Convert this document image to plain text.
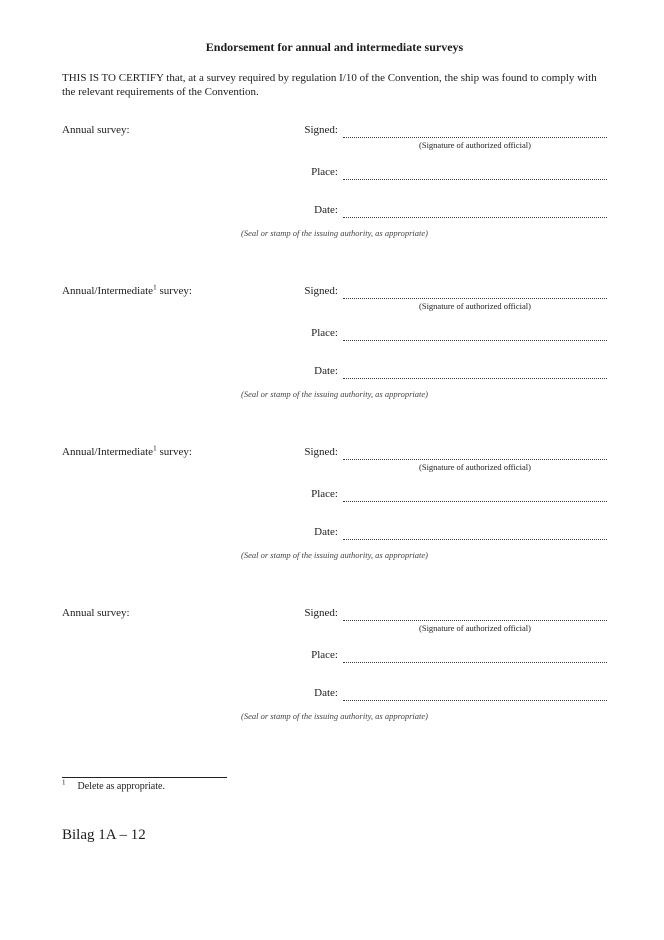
Endorsement for annual and intermediate surveys

THIS IS TO CERTIFY that, at a survey required by regulation I/10 of the Convention, the ship was found to comply with the relevant requirements of the Convention.

Annual survey:	Signed:
(Signature of authorized official)
Place:
Date:
(Seal or stamp of the issuing authority, as appropriate)
Annual/Intermediate$^1$ survey:	Signed:
(Signature of authorized official)
Place:
Date:
(Seal or stamp of the issuing authority, as appropriate)
Annual/Intermediate$^1$ survey:	Signed:
(Signature of authorized official)
Place:
Date:
(Seal or stamp of the issuing authority, as appropriate)
Annual survey:	Signed:
(Signature of authorized official)
Place:
Date:
(Seal or stamp of the issuing authority, as appropriate)
$^1$ Delete as appropriate.
Bilag 1A – 12
